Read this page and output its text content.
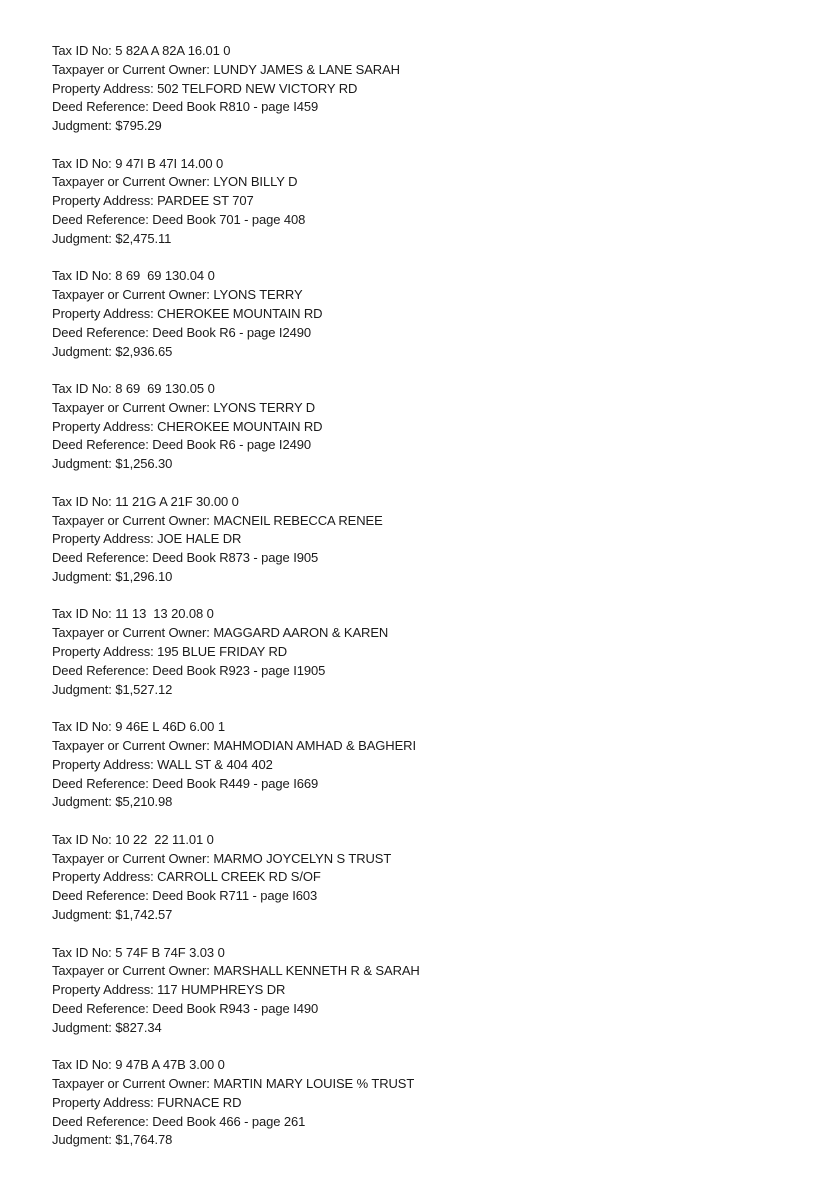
Tax ID No: 5 82A A 82A 16.01 0
Taxpayer or Current Owner: LUNDY JAMES & LANE SARAH
Property Address: 502 TELFORD NEW VICTORY RD
Deed Reference: Deed Book R810 - page I459
Judgment: $795.29
Tax ID No: 9 47I B 47I 14.00 0
Taxpayer or Current Owner: LYON BILLY D
Property Address: PARDEE ST 707
Deed Reference: Deed Book 701 - page 408
Judgment: $2,475.11
Tax ID No: 8 69  69 130.04 0
Taxpayer or Current Owner: LYONS TERRY
Property Address: CHEROKEE MOUNTAIN RD
Deed Reference: Deed Book R6 - page I2490
Judgment: $2,936.65
Tax ID No: 8 69  69 130.05 0
Taxpayer or Current Owner: LYONS TERRY D
Property Address: CHEROKEE MOUNTAIN RD
Deed Reference: Deed Book R6 - page I2490
Judgment: $1,256.30
Tax ID No: 11 21G A 21F 30.00 0
Taxpayer or Current Owner: MACNEIL REBECCA RENEE
Property Address: JOE HALE DR
Deed Reference: Deed Book R873 - page I905
Judgment: $1,296.10
Tax ID No: 11 13  13 20.08 0
Taxpayer or Current Owner: MAGGARD AARON & KAREN
Property Address: 195 BLUE FRIDAY RD
Deed Reference: Deed Book R923 - page I1905
Judgment: $1,527.12
Tax ID No: 9 46E L 46D 6.00 1
Taxpayer or Current Owner: MAHMODIAN AMHAD & BAGHERI
Property Address: WALL ST & 404 402
Deed Reference: Deed Book R449 - page I669
Judgment: $5,210.98
Tax ID No: 10 22  22 11.01 0
Taxpayer or Current Owner: MARMO JOYCELYN S TRUST
Property Address: CARROLL CREEK RD S/OF
Deed Reference: Deed Book R711 - page I603
Judgment: $1,742.57
Tax ID No: 5 74F B 74F 3.03 0
Taxpayer or Current Owner: MARSHALL KENNETH R & SARAH
Property Address: 117 HUMPHREYS DR
Deed Reference: Deed Book R943 - page I490
Judgment: $827.34
Tax ID No: 9 47B A 47B 3.00 0
Taxpayer or Current Owner: MARTIN MARY LOUISE % TRUST
Property Address: FURNACE RD
Deed Reference: Deed Book 466 - page 261
Judgment: $1,764.78
